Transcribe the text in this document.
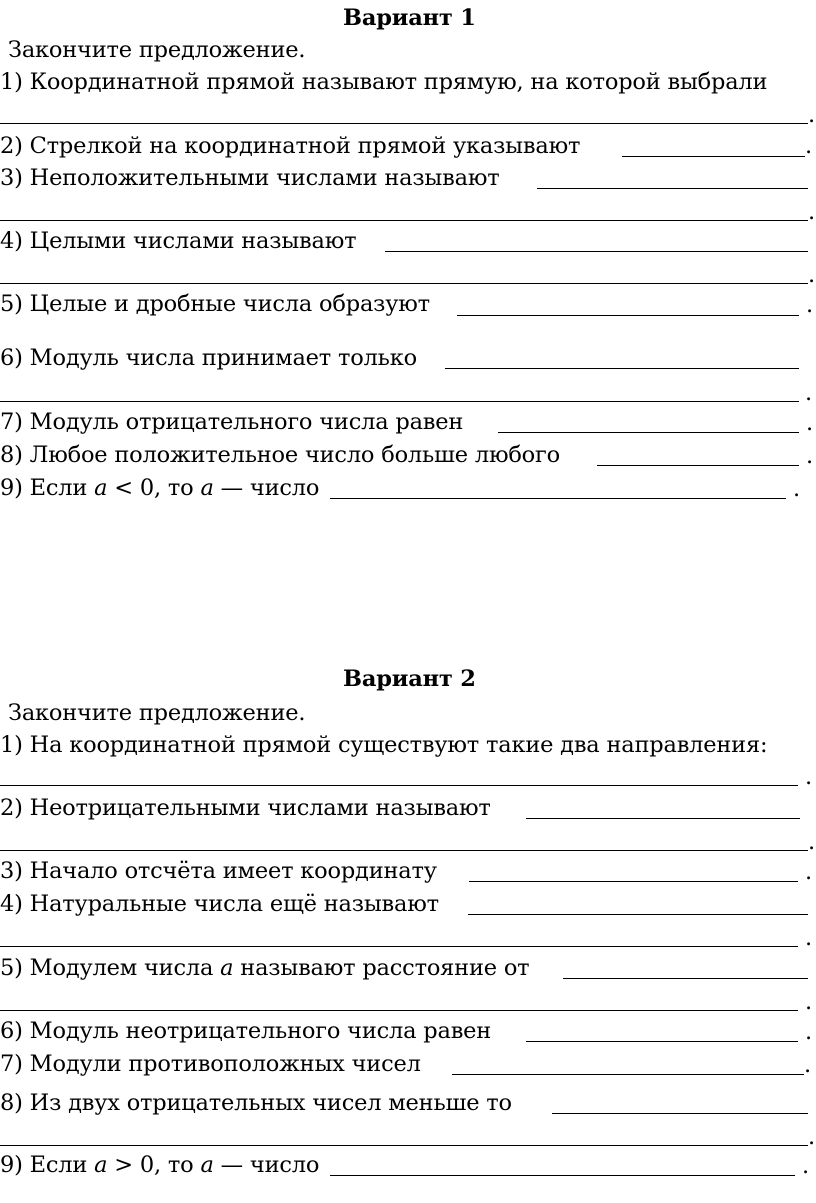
Вариант 1
Закончите предложение.
1) Координатной прямой называют прямую, на которой выбрали
.
2) Стрелкой на координатной прямой указывают	.
3) Неположительными числами называют
.
4) Целыми числами называют
.
5) Целые и дробные числа образуют	.
6) Модуль числа принимает только
.
7) Модуль отрицательного числа равен	.
8) Любое положительное число больше любого	.
9) Если a < 0, то a — число	.
Вариант 2
Закончите предложение.
1) На координатной прямой существуют такие два направления:
.
2) Неотрицательными числами называют
.
3) Начало отсчёта имеет координату	.
4) Натуральные числа ещё называют
.
5) Модулем числа a называют расстояние от
.
6) Модуль неотрицательного числа равен	.
7) Модули противоположных чисел	.
8) Из двух отрицательных чисел меньше то
.
9) Если a > 0, то a — число	.
